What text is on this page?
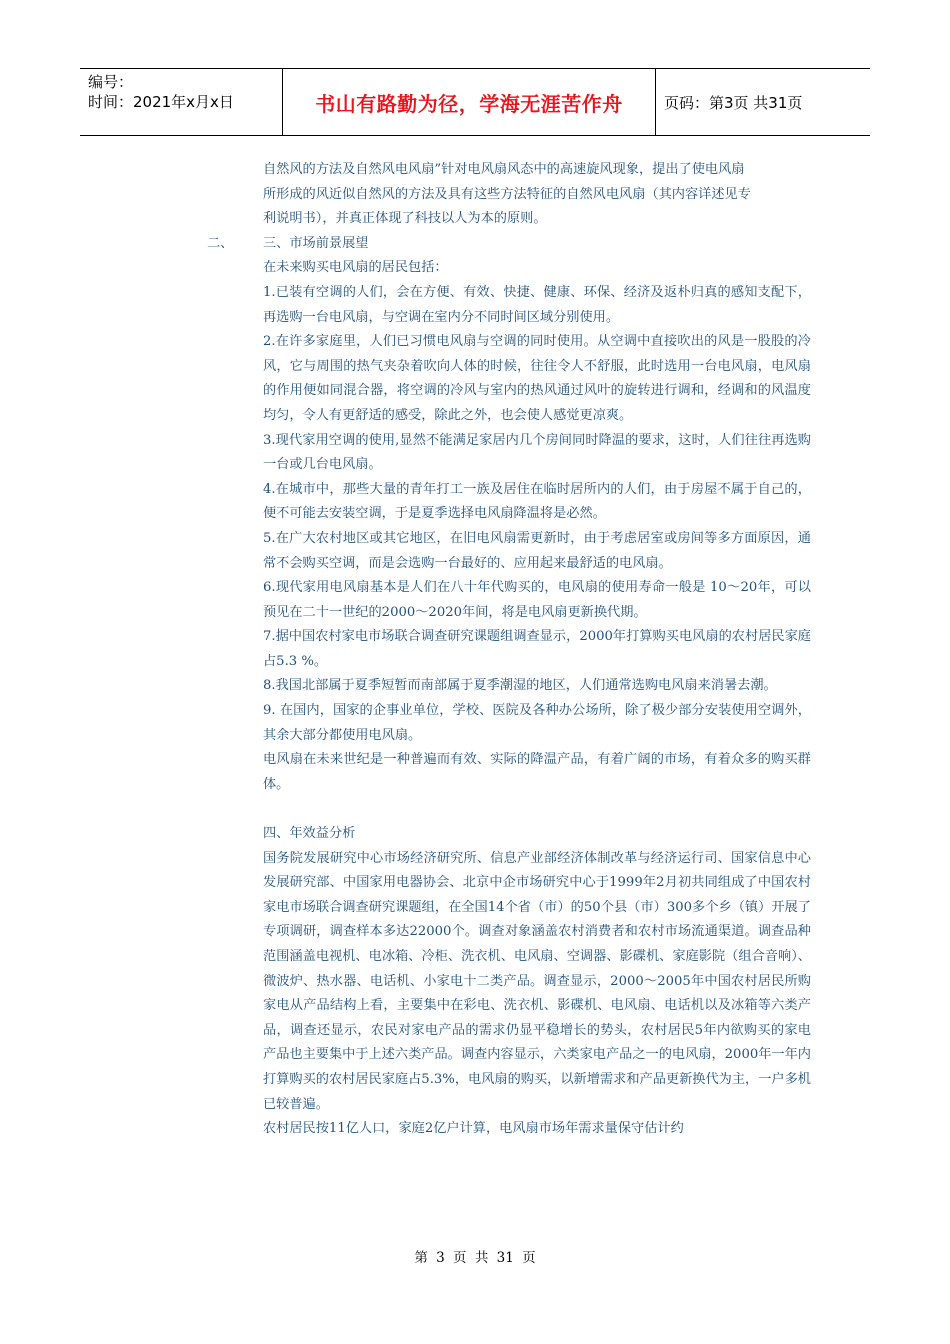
编号：
时间：2021年x月x日	书山有路勤为径，学海无涯苦作舟	页码：第3页 共31页

自然风的方法及自然风电风扇”针对电风扇风态中的高速旋风现象，提出了使电风扇
所形成的风近似自然风的方法及具有这些方法特征的自然风电风扇（其内容详述见专
利说明书），并真正体现了科技以人为本的原则。

二、 三、市场前景展望

在未来购买电风扇的居民包括：

1.已装有空调的人们，会在方便、有效、快捷、健康、环保、经济及返朴归真的感知支配下，再选购一台电风扇，与空调在室内分不同时间区域分别使用。

2.在许多家庭里，人们已习惯电风扇与空调的同时使用。从空调中直接吹出的风是一股股的冷风，它与周围的热气夹杂着吹向人体的时候，往往令人不舒服，此时选用一台电风扇，电风扇的作用便如同混合器，将空调的冷风与室内的热风通过风叶的旋转进行调和，经调和的风温度均匀，令人有更舒适的感受，除此之外，也会使人感觉更凉爽。

3.现代家用空调的使用,显然不能满足家居内几个房间同时降温的要求，这时，人们往往再选购一台或几台电风扇。

4.在城市中，那些大量的青年打工一族及居住在临时居所内的人们，由于房屋不属于自己的，便不可能去安装空调，于是夏季选择电风扇降温将是必然。

5.在广大农村地区或其它地区，在旧电风扇需更新时，由于考虑居室或房间等多方面原因，通常不会购买空调，而是会选购一台最好的、应用起来最舒适的电风扇。

6.现代家用电风扇基本是人们在八十年代购买的，电风扇的使用寿命一般是 10～20年，可以预见在二十一世纪的2000～2020年间，将是电风扇更新换代期。

7.据中国农村家电市场联合调查研究课题组调查显示，2000年打算购买电风扇的农村居民家庭占5.3 %。

8.我国北部属于夏季短暂而南部属于夏季潮湿的地区，人们通常选购电风扇来消暑去潮。

9. 在国内，国家的企事业单位，学校、医院及各种办公场所，除了极少部分安装使用空调外，其余大部分都使用电风扇。

电风扇在未来世纪是一种普遍而有效、实际的降温产品，有着广阔的市场，有着众多的购买群体。

四、年效益分析

国务院发展研究中心市场经济研究所、信息产业部经济体制改革与经济运行司、国家信息中心发展研究部、中国家用电器协会、北京中企市场研究中心于1999年2月初共同组成了中国农村家电市场联合调查研究课题组，在全国14个省（市）的50个县（市）300多个乡（镇）开展了专项调研，调查样本多达22000个。调查对象涵盖农村消费者和农村市场流通渠道。调查品种范围涵盖电视机、电冰箱、冷柜、洗衣机、电风扇、空调器、影碟机、家庭影院（组合音响）、微波炉、热水器、电话机、小家电十二类产品。调查显示，2000～2005年中国农村居民所购家电从产品结构上看，主要集中在彩电、洗衣机、影碟机、电风扇、电话机以及冰箱等六类产品，调查还显示，农民对家电产品的需求仍显平稳增长的势头，农村居民5年内欲购买的家电产品也主要集中于上述六类产品。调查内容显示，六类家电产品之一的电风扇，2000年一年内打算购买的农村居民家庭占5.3%，电风扇的购买，以新增需求和产品更新换代为主，一户多机已较普遍。

农村居民按11亿人口，家庭2亿户计算，电风扇市场年需求量保守估计约

第 3 页 共 31 页
